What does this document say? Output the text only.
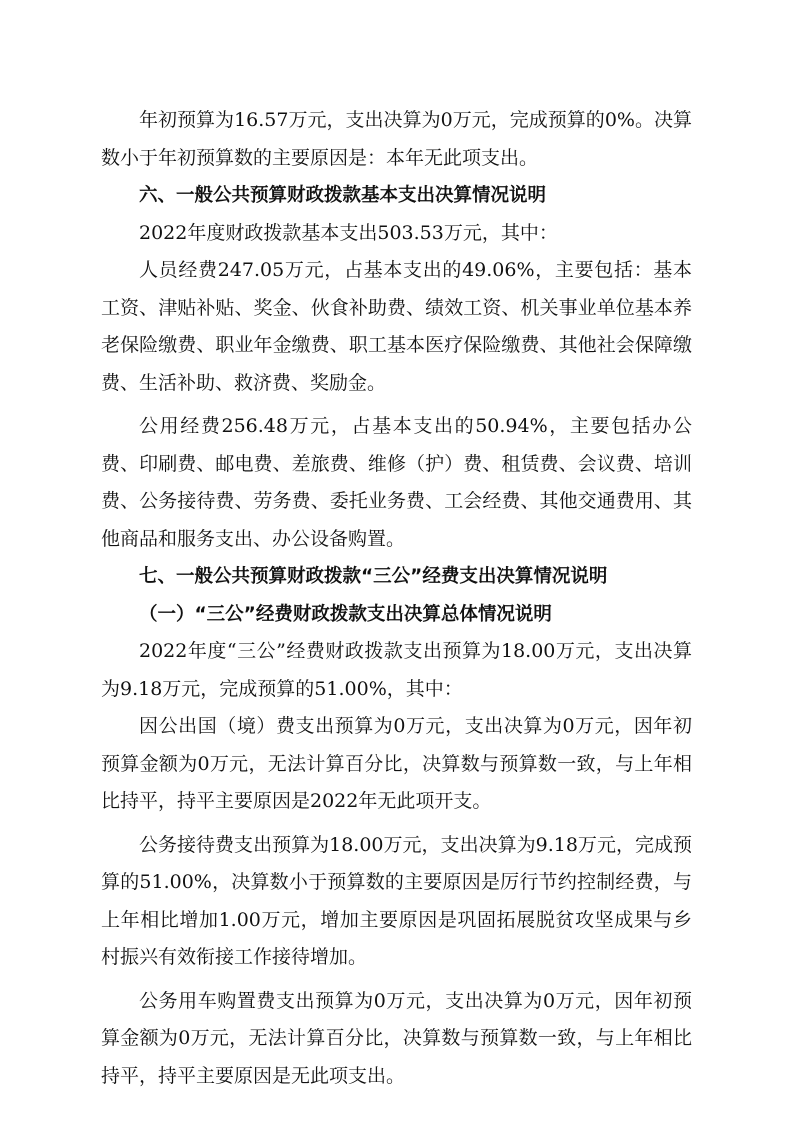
年初预算为16.57万元，支出决算为0万元，完成预算的0%。决算数小于年初预算数的主要原因是：本年无此项支出。

六、一般公共预算财政拨款基本支出决算情况说明

2022年度财政拨款基本支出503.53万元，其中：

人员经费247.05万元，占基本支出的49.06%，主要包括：基本工资、津贴补贴、奖金、伙食补助费、绩效工资、机关事业单位基本养老保险缴费、职业年金缴费、职工基本医疗保险缴费、其他社会保障缴费、生活补助、救济费、奖励金。

公用经费256.48万元，占基本支出的50.94%，主要包括办公费、印刷费、邮电费、差旅费、维修（护）费、租赁费、会议费、培训费、公务接待费、劳务费、委托业务费、工会经费、其他交通费用、其他商品和服务支出、办公设备购置。

七、一般公共预算财政拨款“三公”经费支出决算情况说明

（一）“三公”经费财政拨款支出决算总体情况说明

2022年度“三公”经费财政拨款支出预算为18.00万元，支出决算为9.18万元，完成预算的51.00%，其中：

因公出国（境）费支出预算为0万元，支出决算为0万元，因年初预算金额为0万元，无法计算百分比，决算数与预算数一致，与上年相比持平，持平主要原因是2022年无此项开支。

公务接待费支出预算为18.00万元，支出决算为9.18万元，完成预算的51.00%，决算数小于预算数的主要原因是厉行节约控制经费，与上年相比增加1.00万元，增加主要原因是巩固拓展脱贫攻坚成果与乡村振兴有效衔接工作接待增加。

公务用车购置费支出预算为0万元，支出决算为0万元，因年初预算金额为0万元，无法计算百分比，决算数与预算数一致，与上年相比持平，持平主要原因是无此项支出。
